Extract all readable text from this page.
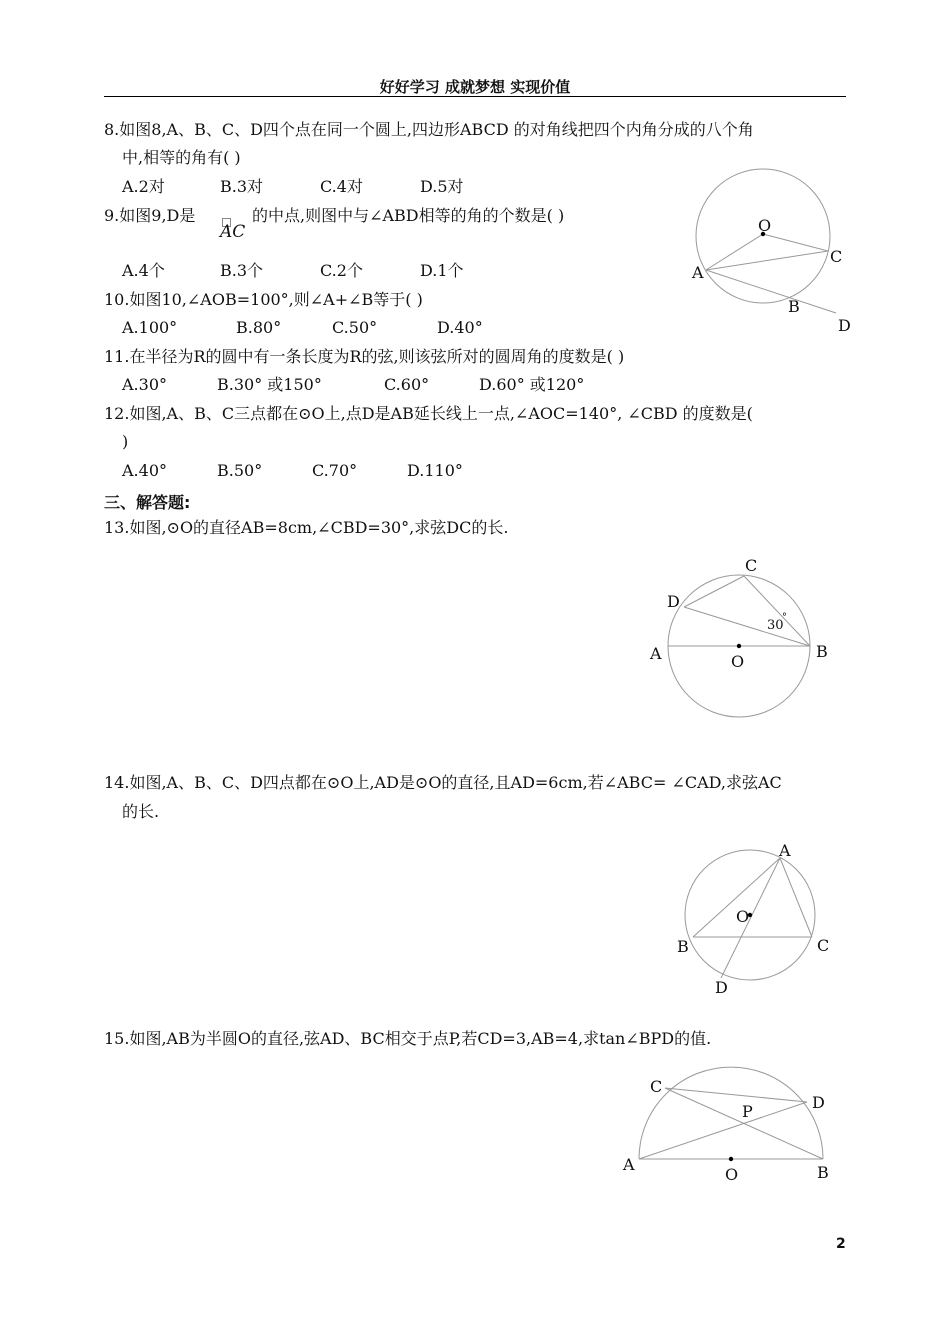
好好学习 成就梦想 实现价值
8.如图8,A、B、C、D四个点在同一个圆上,四边形ABCD 的对角线把四个内角分成的八个角
中,相等的角有( )
A.2对	B.3对	C.4对	D.5对
9.如图9,D是
AC
的中点,则图中与∠ABD相等的角的个数是( )
A.4个	B.3个	C.2个	D.1个
10.如图10,∠AOB=100°,则∠A+∠B等于( )
A.100°	B.80°	C.50°	D.40°
11.在半径为R的圆中有一条长度为R的弦,则该弦所对的圆周角的度数是( )
A.30°	B.30° 或150°	C.60°	D.60° 或120°
12.如图,A、B、C三点都在⊙O上,点D是AB延长线上一点,∠AOC=140°, ∠CBD 的度数是(
)
A.40°	B.50°	C.70°	D.110°
三、解答题:
13.如图,⊙O的直径AB=8cm,∠CBD=30°,求弦DC的长.
14.如图,A、B、C、D四点都在⊙O上,AD是⊙O的直径,且AD=6cm,若∠ABC= ∠CAD,求弦AC
的长.
15.如图,AB为半圆O的直径,弦AD、BC相交于点P,若CD=3,AB=4,求tan∠BPD的值.
O
A
B
C
D
A	B
C
D
O
30
°
A
B	C
D
O
A	B
C
D
O
P
2
